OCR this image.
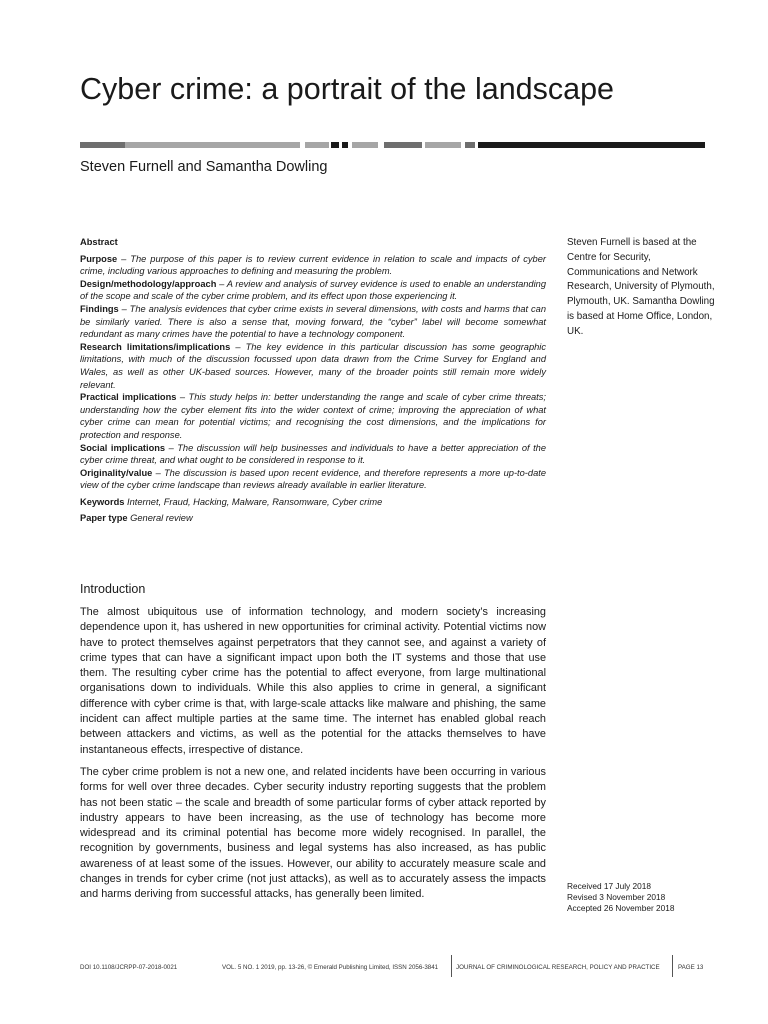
Cyber crime: a portrait of the landscape
Steven Furnell and Samantha Dowling

Abstract

Purpose – The purpose of this paper is to review current evidence in relation to scale and impacts of cyber crime, including various approaches to defining and measuring the problem.

Design/methodology/approach – A review and analysis of survey evidence is used to enable an understanding of the scope and scale of the cyber crime problem, and its effect upon those experiencing it.

Findings – The analysis evidences that cyber crime exists in several dimensions, with costs and harms that can be similarly varied. There is also a sense that, moving forward, the “cyber” label will become somewhat redundant as many crimes have the potential to have a technology component.

Research limitations/implications – The key evidence in this particular discussion has some geographic limitations, with much of the discussion focussed upon data drawn from the Crime Survey for England and Wales, as well as other UK-based sources. However, many of the broader points still remain more widely relevant.

Practical implications – This study helps in: better understanding the range and scale of cyber crime threats; understanding how the cyber element fits into the wider context of crime; improving the appreciation of what cyber crime can mean for potential victims; and recognising the cost dimensions, and the implications for protection and response.

Social implications – The discussion will help businesses and individuals to have a better appreciation of the cyber crime threat, and what ought to be considered in response to it.

Originality/value – The discussion is based upon recent evidence, and therefore represents a more up-to-date view of the cyber crime landscape than reviews already available in earlier literature.

Keywords Internet, Fraud, Hacking, Malware, Ransomware, Cyber crime

Paper type General review

Steven Furnell is based at the Centre for Security, Communications and Network Research, University of Plymouth, Plymouth, UK. Samantha Dowling is based at Home Office, London, UK.
Introduction

The almost ubiquitous use of information technology, and modern society’s increasing dependence upon it, has ushered in new opportunities for criminal activity. Potential victims now have to protect themselves against perpetrators that they cannot see, and against a variety of crime types that can have a significant impact upon both the IT systems and those that use them. The resulting cyber crime has the potential to affect everyone, from large multinational organisations down to individuals. While this also applies to crime in general, a significant difference with cyber crime is that, with large-scale attacks like malware and phishing, the same incident can affect multiple parties at the same time. The internet has enabled global reach between attackers and victims, as well as the potential for the attacks themselves to have instantaneous effects, irrespective of distance.

The cyber crime problem is not a new one, and related incidents have been occurring in various forms for well over three decades. Cyber security industry reporting suggests that the problem has not been static – the scale and breadth of some particular forms of cyber attack reported by industry appears to have been increasing, as the use of technology has become more widespread and its criminal potential has become more widely recognised. In parallel, the recognition by governments, business and legal systems has also increased, as has public awareness of at least some of the issues. However, our ability to accurately measure scale and changes in trends for cyber crime (not just attacks), as well as to accurately assess the impacts and harms deriving from successful attacks, has generally been limited.

Received 17 July 2018
Revised 3 November 2018
Accepted 26 November 2018
DOI 10.1108/JCRPP-07-2018-0021	VOL. 5 NO. 1 2019, pp. 13-26, © Emerald Publishing Limited, ISSN 2056-3841	JOURNAL OF CRIMINOLOGICAL RESEARCH, POLICY AND PRACTICE	PAGE 13
